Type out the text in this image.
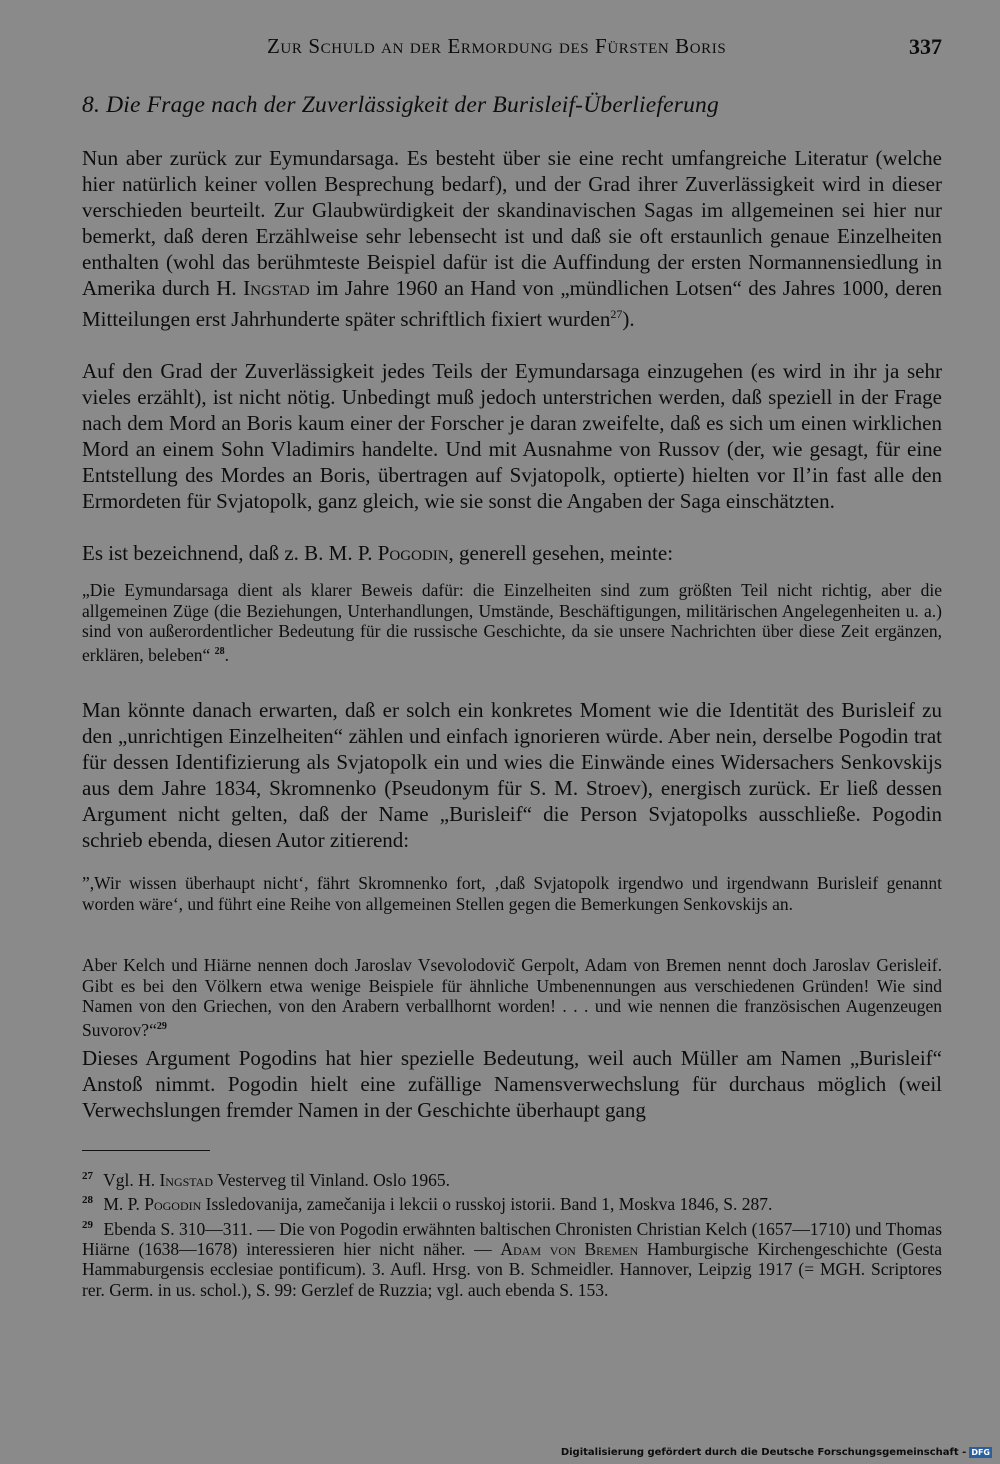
Zur Schuld an der Ermordung des Fürsten Boris	337
8. Die Frage nach der Zuverlässigkeit der Burisleif-Überlieferung

Nun aber zurück zur Eymundarsaga. Es besteht über sie eine recht umfangreiche Literatur (welche hier natürlich keiner vollen Besprechung bedarf), und der Grad ihrer Zuverlässigkeit wird in dieser verschieden beurteilt. Zur Glaubwürdigkeit der skandinavischen Sagas im allgemeinen sei hier nur bemerkt, daß deren Erzählweise sehr lebensecht ist und daß sie oft erstaunlich genaue Einzelheiten enthalten (wohl das berühmteste Beispiel dafür ist die Auffindung der ersten Normannensiedlung in Amerika durch H. Ingstad im Jahre 1960 an Hand von „mündlichen Lotsen“ des Jahres 1000, deren Mitteilungen erst Jahrhunderte später schriftlich fixiert wurden$^{27}$).

Auf den Grad der Zuverlässigkeit jedes Teils der Eymundarsaga einzugehen (es wird in ihr ja sehr vieles erzählt), ist nicht nötig. Unbedingt muß jedoch unterstrichen werden, daß speziell in der Frage nach dem Mord an Boris kaum einer der Forscher je daran zweifelte, daß es sich um einen wirklichen Mord an einem Sohn Vladimirs handelte. Und mit Ausnahme von Russov (der, wie gesagt, für eine Entstellung des Mordes an Boris, übertragen auf Svjatopolk, optierte) hielten vor Il’in fast alle den Ermordeten für Svjatopolk, ganz gleich, wie sie sonst die Angaben der Saga einschätzten.

Es ist bezeichnend, daß z. B. M. P. Pogodin, generell gesehen, meinte:

„Die Eymundarsaga dient als klarer Beweis dafür: die Einzelheiten sind zum größten Teil nicht richtig, aber die allgemeinen Züge (die Beziehungen, Unterhandlungen, Umstände, Beschäftigungen, militärischen Angelegenheiten u. a.) sind von außerordentlicher Bedeutung für die russische Geschichte, da sie unsere Nachrichten über diese Zeit ergänzen, erklären, beleben“ $^{28}$.

Man könnte danach erwarten, daß er solch ein konkretes Moment wie die Identität des Burisleif zu den „unrichtigen Einzelheiten“ zählen und einfach ignorieren würde. Aber nein, derselbe Pogodin trat für dessen Identifizierung als Svjatopolk ein und wies die Einwände eines Widersachers Senkovskijs aus dem Jahre 1834, Skromnenko (Pseudonym für S. M. Stroev), energisch zurück. Er ließ dessen Argument nicht gelten, daß der Name „Burisleif“ die Person Svjatopolks ausschließe. Pogodin schrieb ebenda, diesen Autor zitierend:

”,Wir wissen überhaupt nicht‘, fährt Skromnenko fort, ‚daß Svjatopolk irgendwo und irgendwann Burisleif genannt worden wäre‘, und führt eine Reihe von allgemeinen Stellen gegen die Bemerkungen Senkovskijs an.

Aber Kelch und Hiärne nennen doch Jaroslav Vsevolodovič Gerpolt, Adam von Bremen nennt doch Jaroslav Gerisleif. Gibt es bei den Völkern etwa wenige Beispiele für ähnliche Umbenennungen aus verschiedenen Gründen! Wie sind Namen von den Griechen, von den Arabern verballhornt worden! . . . und wie nennen die französischen Augenzeugen Suvorov?“$^{29}$

Dieses Argument Pogodins hat hier spezielle Bedeutung, weil auch Müller am Namen „Burisleif“ Anstoß nimmt. Pogodin hielt eine zufällige Namensverwechslung für durchaus möglich (weil Verwechslungen fremder Namen in der Geschichte überhaupt gang

$^{27}$ Vgl. H. Ingstad Vesterveg til Vinland. Oslo 1965.

$^{28}$ M. P. Pogodin Issledovanija, zamečanija i lekcii o russkoj istorii. Band 1, Moskva 1846, S. 287.

$^{29}$ Ebenda S. 310—311. — Die von Pogodin erwähnten baltischen Chronisten Christian Kelch (1657—1710) und Thomas Hiärne (1638—1678) interessieren hier nicht näher. — Adam von Bremen Hamburgische Kirchengeschichte (Gesta Hammaburgensis ecclesiae pontificum). 3. Aufl. Hrsg. von B. Schmeidler. Hannover, Leipzig 1917 (= MGH. Scriptores rer. Germ. in us. schol.), S. 99: Gerzlef de Ruzzia; vgl. auch ebenda S. 153.

Digitalisierung gefördert durch die Deutsche Forschungsgemeinschaft - DFG
